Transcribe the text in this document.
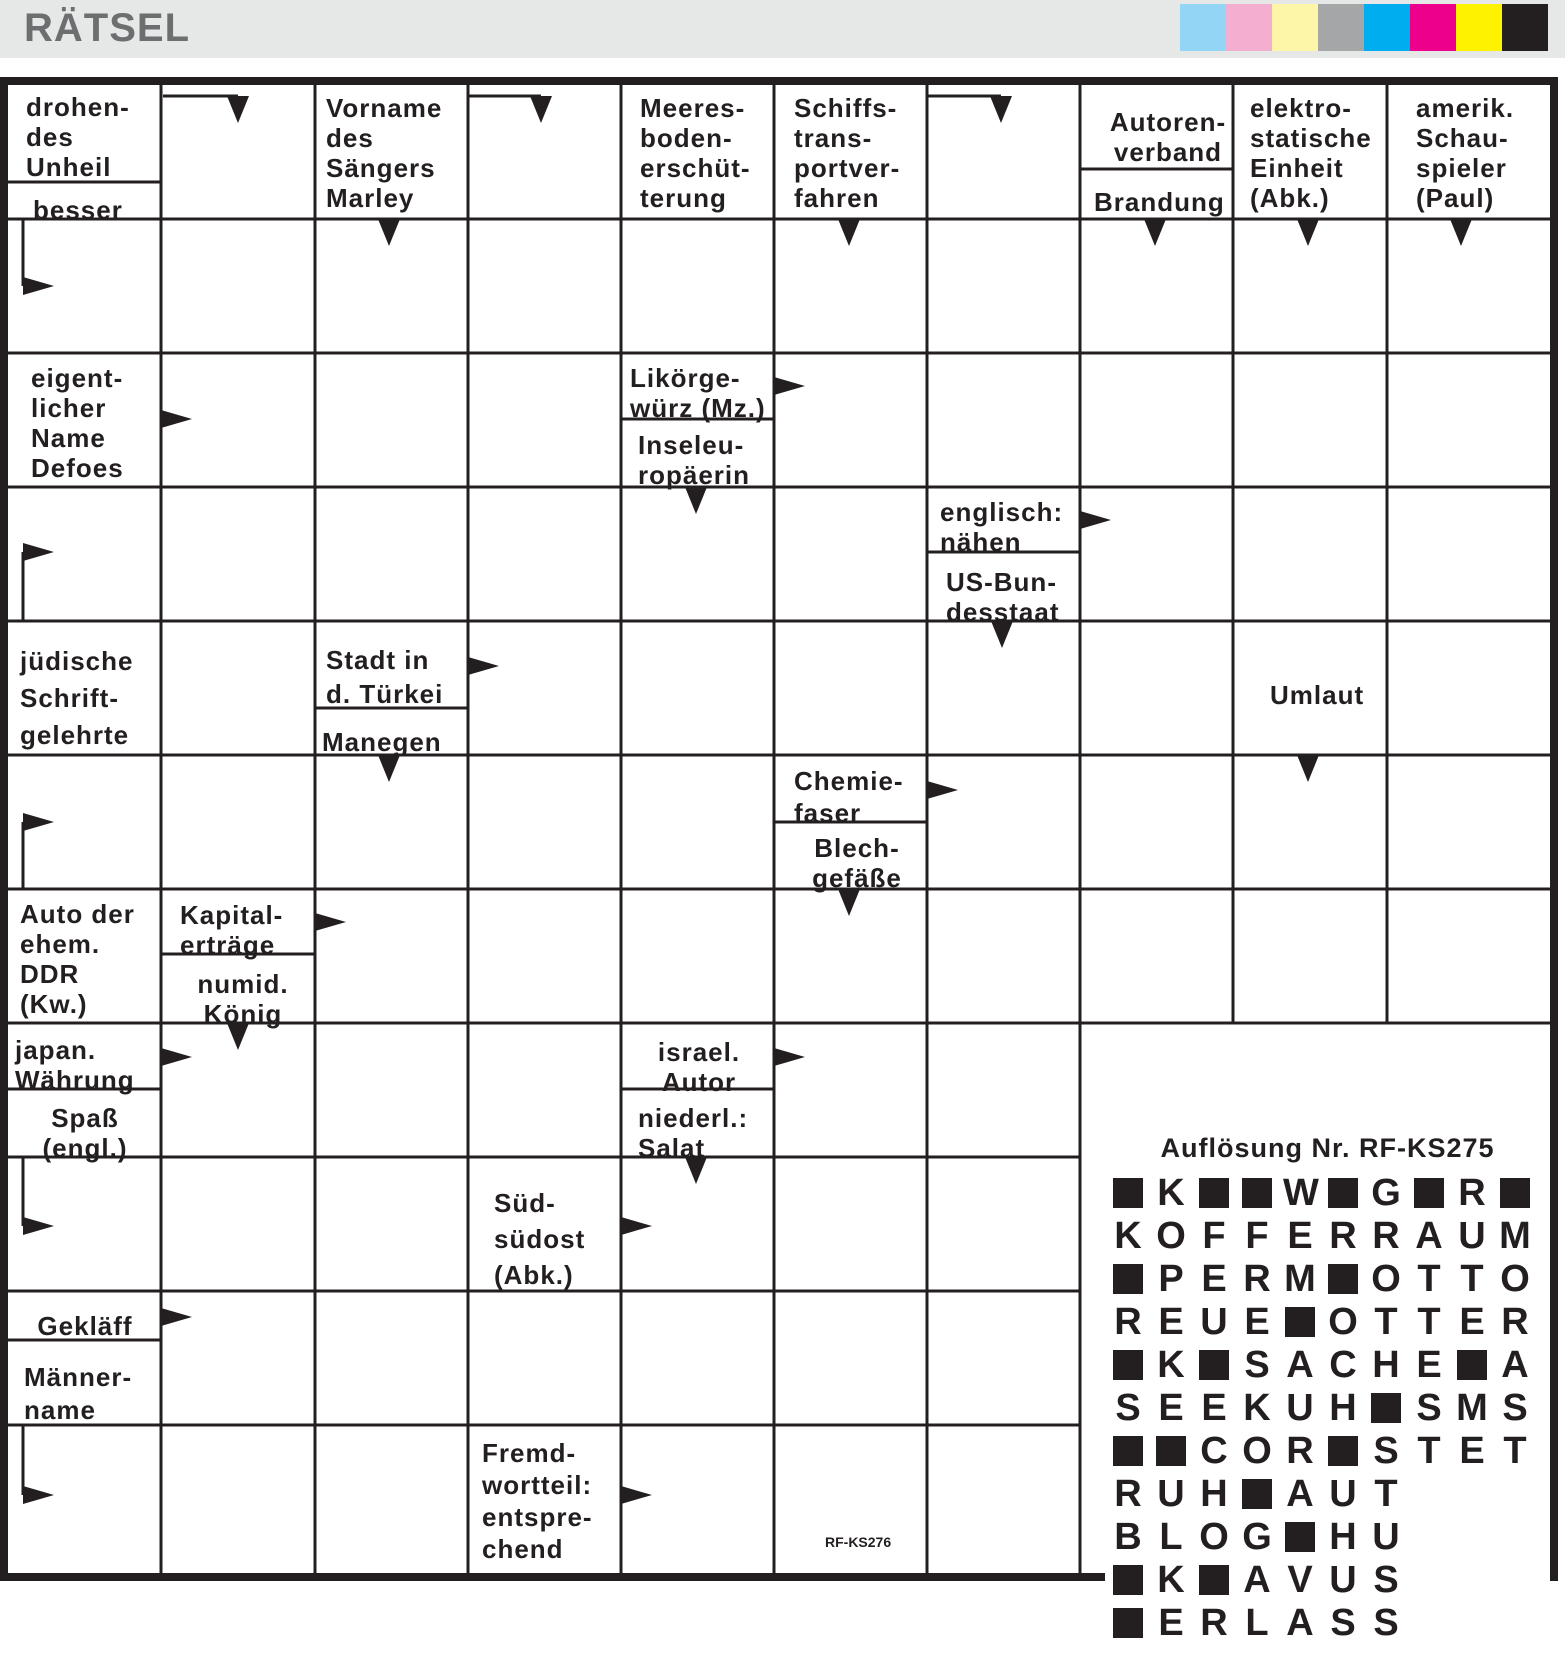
RÄTSEL
drohen-
des
Unheil
besser
Vorname
des
Sängers
Marley
Meeres-
boden-
erschüt-
terung
Schiffs-
trans-
portver-
fahren
Autoren-
verband
Brandung
elektro-
statische
Einheit
(Abk.)
amerik.
Schau-
spieler
(Paul)
eigent-
licher
Name
Defoes
Likörge-
würz (Mz.)
Inseleu-
ropäerin
englisch:
nähen
US-Bun-
desstaat
jüdische
Schrift-
gelehrte
Stadt in
d. Türkei
Manegen
Umlaut
Chemie-
faser
Blech-
gefäße
Auto der
ehem.
DDR
(Kw.)
Kapital-
erträge
numid.
König
japan.
Währung
Spaß
(engl.)
israel.
Autor
niederl.:
Salat
Süd-
südost
(Abk.)
Gekläff
Männer-
name
Fremd-
wortteil:
entspre-
chend	RF-KS276
Auflösung Nr. RF-KS275
K	W G R
K O F F E R R A U M
P E R M O T T O
R E U E O T T E R
K S A C H E A
S E E K U H S M S
C O R S T E T
R U H A U T
B L O G H U
K A V U S
E R L A S S
